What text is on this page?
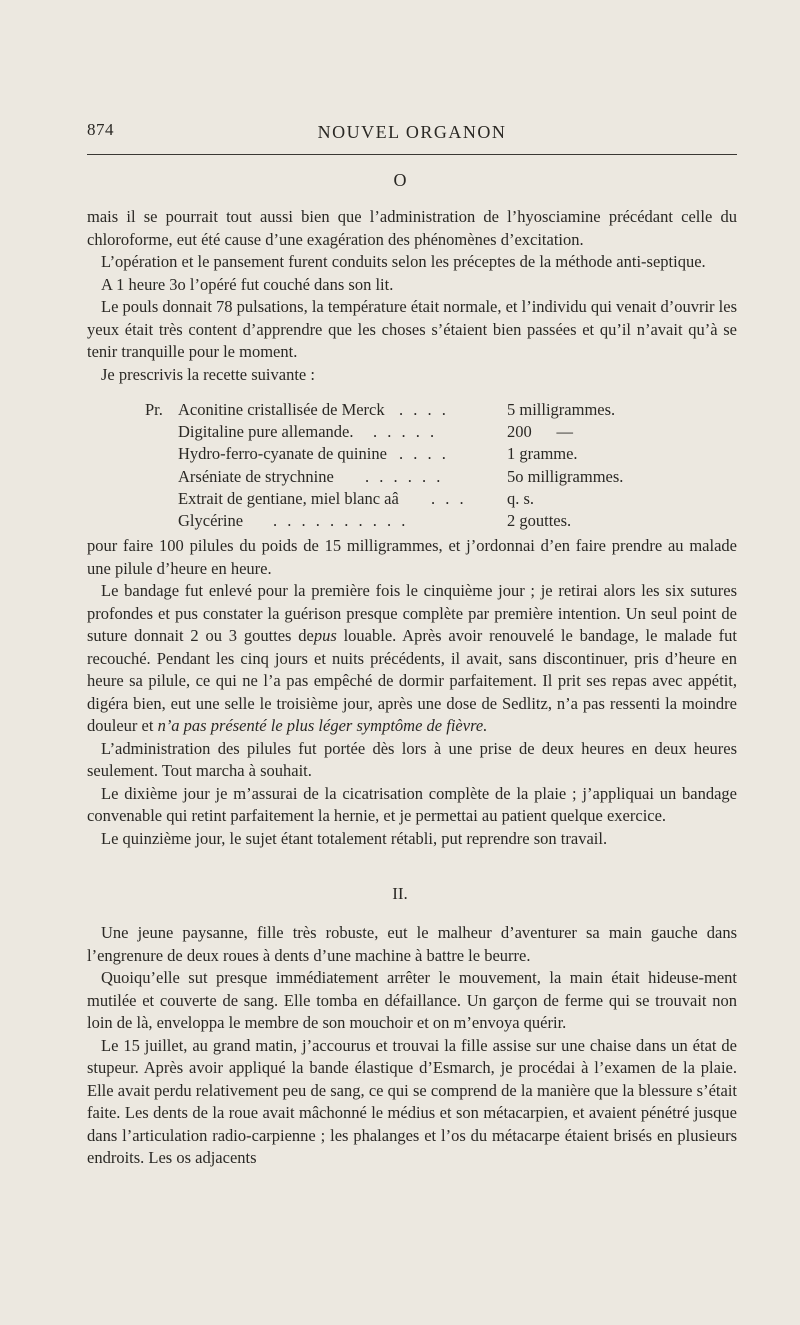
874	NOUVEL ORGANON
O

mais il se pourrait tout aussi bien que l’administration de l’hyosciamine précédant celle du chloroforme, eut été cause d’une exagération des phénomènes d’excitation.

L’opération et le pansement furent conduits selon les préceptes de la méthode anti-septique.

A 1 heure 3o l’opéré fut couché dans son lit.

Le pouls donnait 78 pulsations, la température était normale, et l’individu qui venait d’ouvrir les yeux était très content d’apprendre que les choses s’étaient bien passées et qu’il n’avait qu’à se tenir tranquille pour le moment.

Je prescrivis la recette suivante :

Pr. Aconitine cristallisée de Merck . . . .	5 milligrammes.
Digitaline pure allemande. . . . . .	200      —
Hydro-ferro-cyanate de quinine . . . .	1 gramme.
Arséniate de strychnine . . . . . .	5o milligrammes.
Extrait de gentiane, miel blanc aâ . . .	q. s.
Glycérine . . . . . . . . . .	2 gouttes.

pour faire 100 pilules du poids de 15 milligrammes, et j’ordonnai d’en faire prendre au malade une pilule d’heure en heure.

Le bandage fut enlevé pour la première fois le cinquième jour ; je retirai alors les six sutures profondes et pus constater la guérison presque complète par première intention. Un seul point de suture donnait 2 ou 3 gouttes depus louable. Après avoir renouvelé le bandage, le malade fut recouché. Pendant les cinq jours et nuits précédents, il avait, sans discontinuer, pris d’heure en heure sa pilule, ce qui ne l’a pas empêché de dormir parfaitement. Il prit ses repas avec appétit, digéra bien, eut une selle le troisième jour, après une dose de Sedlitz, n’a pas ressenti la moindre douleur et n’a pas présenté le plus léger symptôme de fièvre.

L’administration des pilules fut portée dès lors à une prise de deux heures en deux heures seulement. Tout marcha à souhait.

Le dixième jour je m’assurai de la cicatrisation complète de la plaie ; j’appliquai un bandage convenable qui retint parfaitement la hernie, et je permettai au patient quelque exercice.

Le quinzième jour, le sujet étant totalement rétabli, put reprendre son travail.

II.

Une jeune paysanne, fille très robuste, eut le malheur d’aventurer sa main gauche dans l’engrenure de deux roues à dents d’une machine à battre le beurre.

Quoiqu’elle sut presque immédiatement arrêter le mouvement, la main était hideuse-ment mutilée et couverte de sang. Elle tomba en défaillance. Un garçon de ferme qui se trouvait non loin de là, enveloppa le membre de son mouchoir et on m’envoya quérir.

Le 15 juillet, au grand matin, j’accourus et trouvai la fille assise sur une chaise dans un état de stupeur. Après avoir appliqué la bande élastique d’Esmarch, je procédai à l’examen de la plaie. Elle avait perdu relativement peu de sang, ce qui se comprend de la manière que la blessure s’était faite. Les dents de la roue avait mâchonné le médius et son métacarpien, et avaient pénétré jusque dans l’articulation radio-carpienne ; les phalanges et l’os du métacarpe étaient brisés en plusieurs endroits. Les os adjacents
